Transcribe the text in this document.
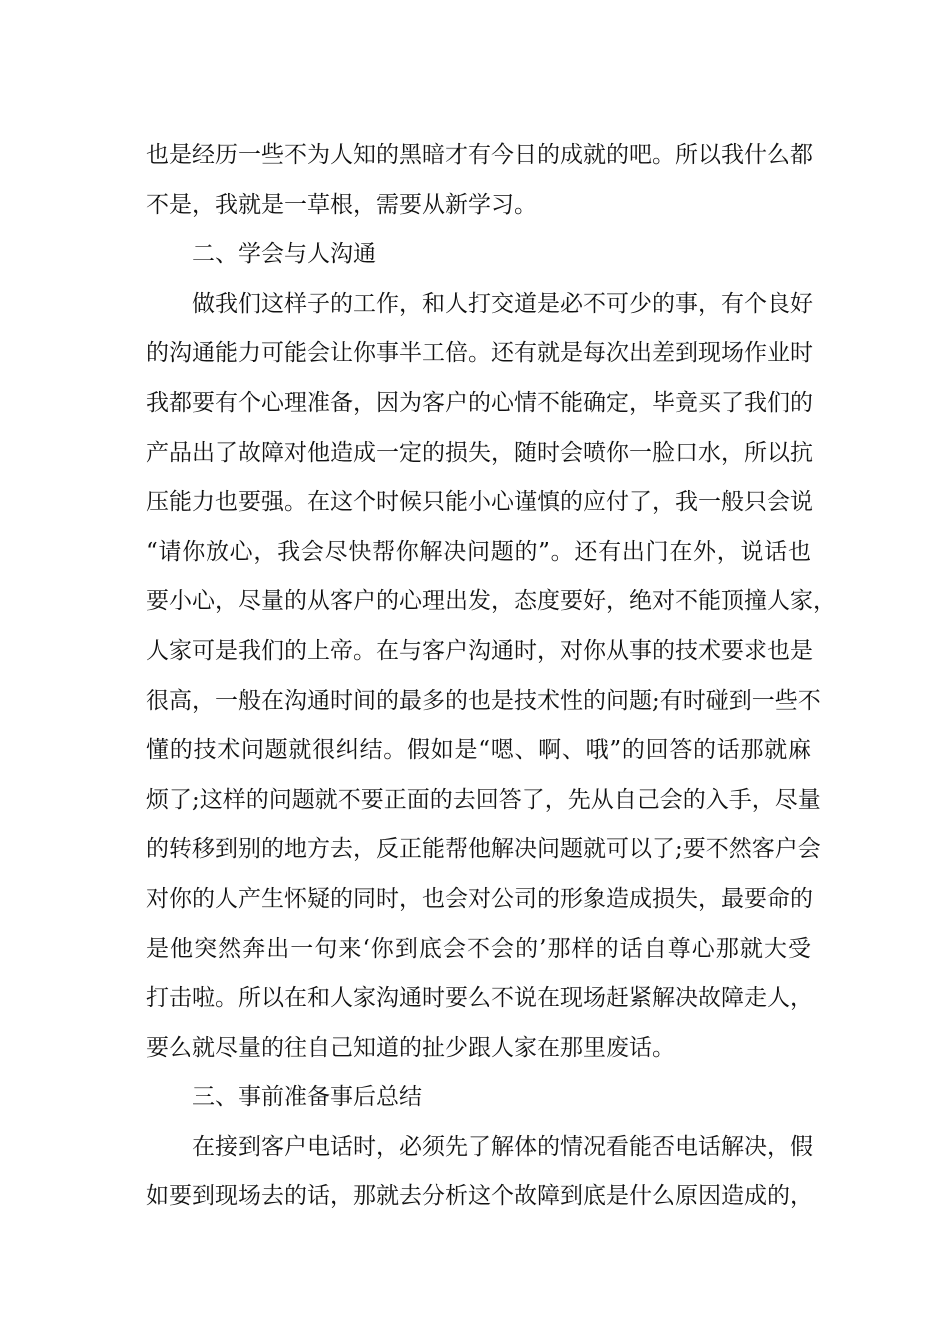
也是经历一些不为人知的黑暗才有今日的成就的吧。所以我什么都
不是，我就是一草根，需要从新学习。
二、学会与人沟通
做我们这样子的工作，和人打交道是必不可少的事，有个良好
的沟通能力可能会让你事半工倍。还有就是每次出差到现场作业时
我都要有个心理准备，因为客户的心情不能确定，毕竟买了我们的
产品出了故障对他造成一定的损失，随时会喷你一脸口水，所以抗
压能力也要强。在这个时候只能小心谨慎的应付了，我一般只会说
“请你放心，我会尽快帮你解决问题的”。还有出门在外，说话也
要小心，尽量的从客户的心理出发，态度要好，绝对不能顶撞人家，
人家可是我们的上帝。在与客户沟通时，对你从事的技术要求也是
很高，一般在沟通时间的最多的也是技术性的问题;有时碰到一些不
懂的技术问题就很纠结。假如是“嗯、啊、哦”的回答的话那就麻
烦了;这样的问题就不要正面的去回答了，先从自己会的入手，尽量
的转移到别的地方去，反正能帮他解决问题就可以了;要不然客户会
对你的人产生怀疑的同时，也会对公司的形象造成损失，最要命的
是他突然奔出一句来‘你到底会不会的’那样的话自尊心那就大受
打击啦。所以在和人家沟通时要么不说在现场赶紧解决故障走人，
要么就尽量的往自己知道的扯少跟人家在那里废话。
三、事前准备事后总结
在接到客户电话时，必须先了解体的情况看能否电话解决，假
如要到现场去的话，那就去分析这个故障到底是什么原因造成的，
